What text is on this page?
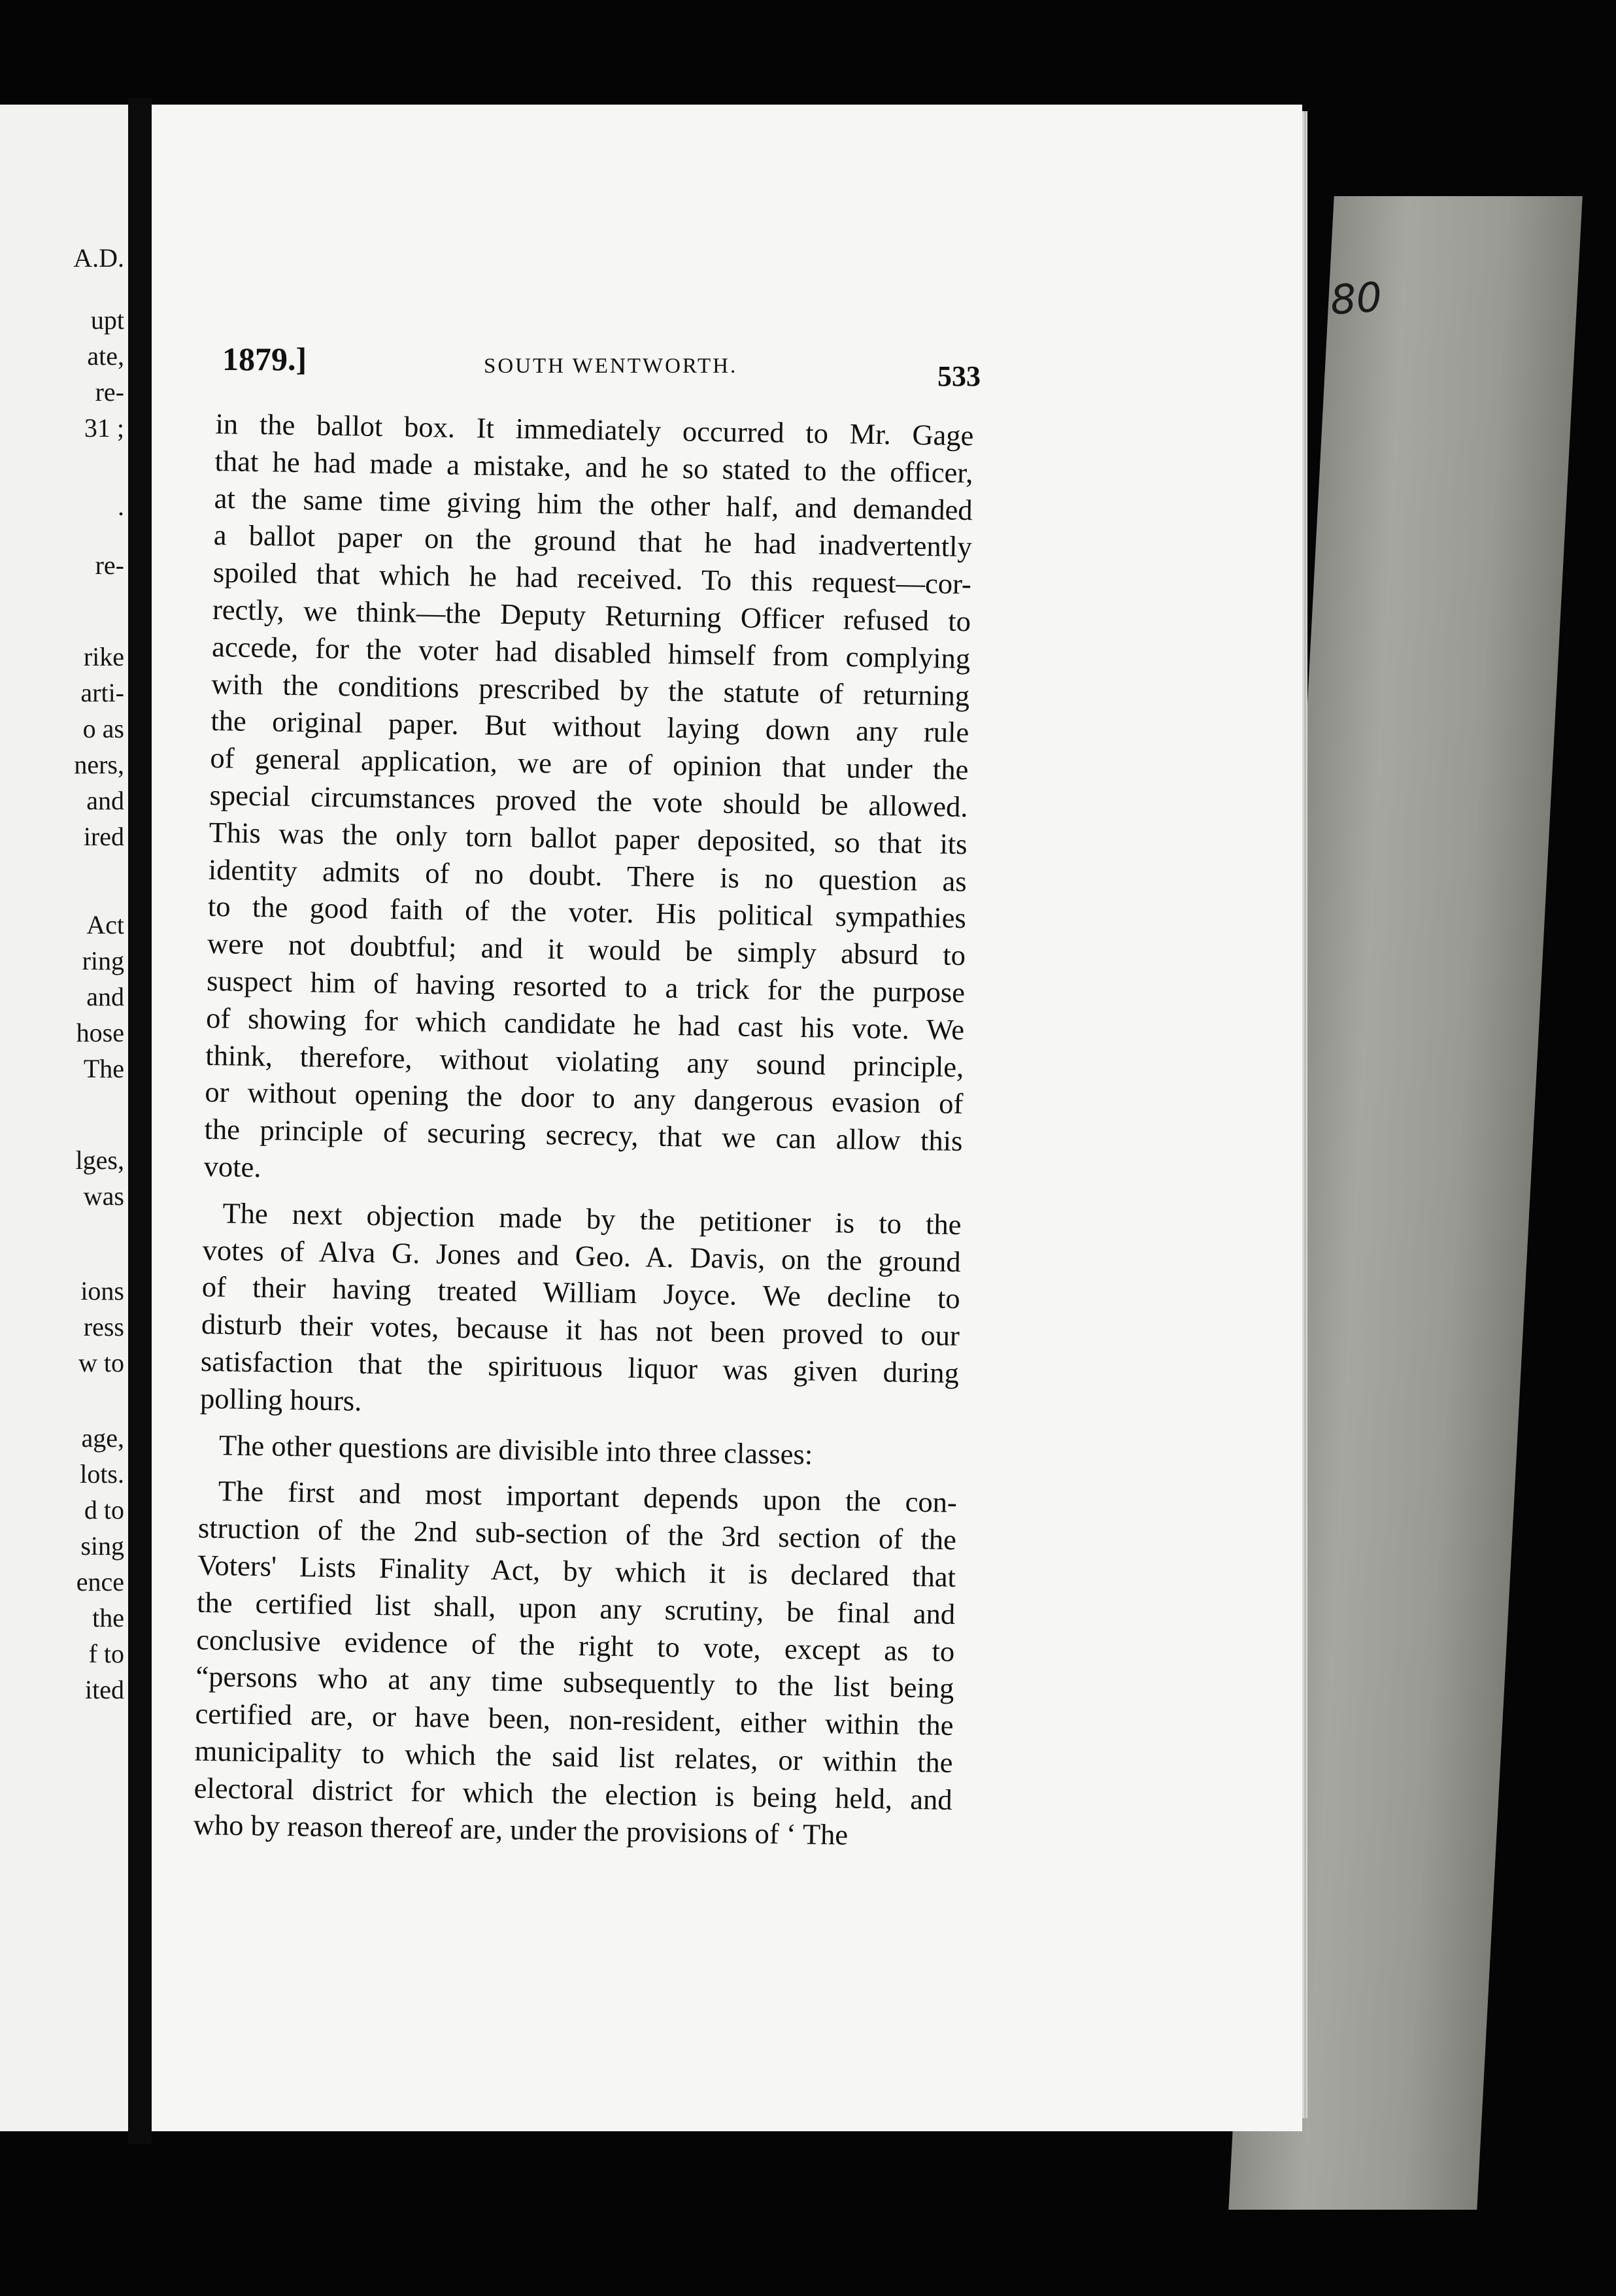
A.D.
upt
ate,
re-
31 ;
.
re-
rike
arti-
o as
ners,
and
ired
Act
ring
and
hose
The
lges,
was
ions
ress
w to
age,
lots.
d to
sing
ence
the
f to
ited
80
1879.]	SOUTH WENTWORTH.	533
in the ballot box. It immediately occurred to Mr. Gage
that he had made a mistake, and he so stated to the officer,
at the same time giving him the other half, and demanded
a ballot paper on the ground that he had inadvertently
spoiled that which he had received. To this request—cor-
rectly, we think—the Deputy Returning Officer refused to
accede, for the voter had disabled himself from complying
with the conditions prescribed by the statute of returning
the original paper. But without laying down any rule
of general application, we are of opinion that under the
special circumstances proved the vote should be allowed.
This was the only torn ballot paper deposited, so that its
identity admits of no doubt. There is no question as
to the good faith of the voter. His political sympathies
were not doubtful; and it would be simply absurd to
suspect him of having resorted to a trick for the purpose
of showing for which candidate he had cast his vote. We
think, therefore, without violating any sound principle,
or without opening the door to any dangerous evasion of
the principle of securing secrecy, that we can allow this
vote.
The next objection made by the petitioner is to the
votes of Alva G. Jones and Geo. A. Davis, on the ground
of their having treated William Joyce. We decline to
disturb their votes, because it has not been proved to our
satisfaction that the spirituous liquor was given during
polling hours.
The other questions are divisible into three classes:
The first and most important depends upon the con-
struction of the 2nd sub-section of the 3rd section of the
Voters' Lists Finality Act, by which it is declared that
the certified list shall, upon any scrutiny, be final and
conclusive evidence of the right to vote, except as to
“persons who at any time subsequently to the list being
certified are, or have been, non-resident, either within the
municipality to which the said list relates, or within the
electoral district for which the election is being held, and
who by reason thereof are, under the provisions of ‘ The
